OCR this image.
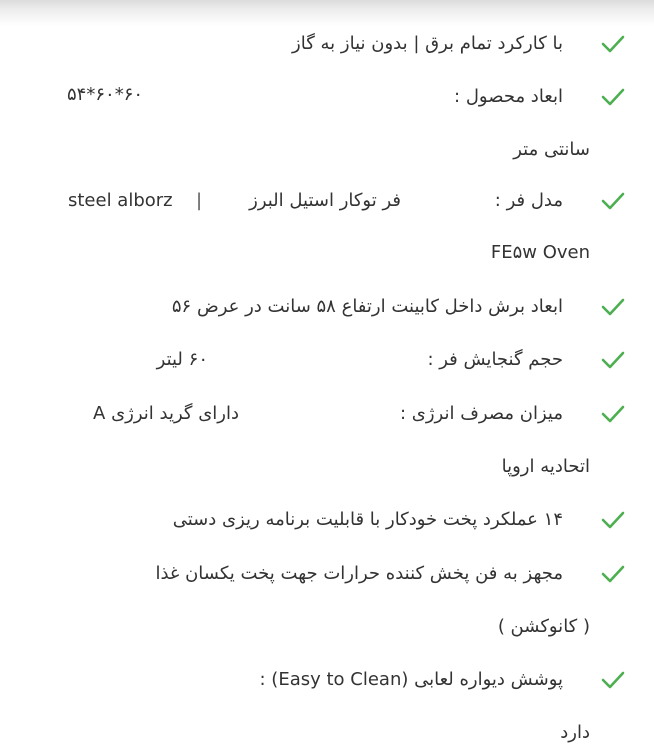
با کارکرد تمام برق | بدون نیاز به گاز
ابعاد محصول :
۶۰*۶۰*۵۴
سانتی متر
مدل فر :
فر توکار استیل البرز
|
steel alborz
FE۵w Oven
ابعاد برش داخل کابینت ارتفاع ۵۸ سانت در عرض ۵۶
حجم گنجایش فر :
۶۰ لیتر
میزان مصرف انرژی :
دارای گرید انرژی A
اتحادیه اروپا
۱۴ عملکرد پخت خودکار با قابلیت برنامه ریزی دستی
مجهز به فن پخش کننده حرارات جهت پخت یکسان غذا
( کانوکشن )
پوشش دیواره لعابی (Easy to Clean) :
دارد
